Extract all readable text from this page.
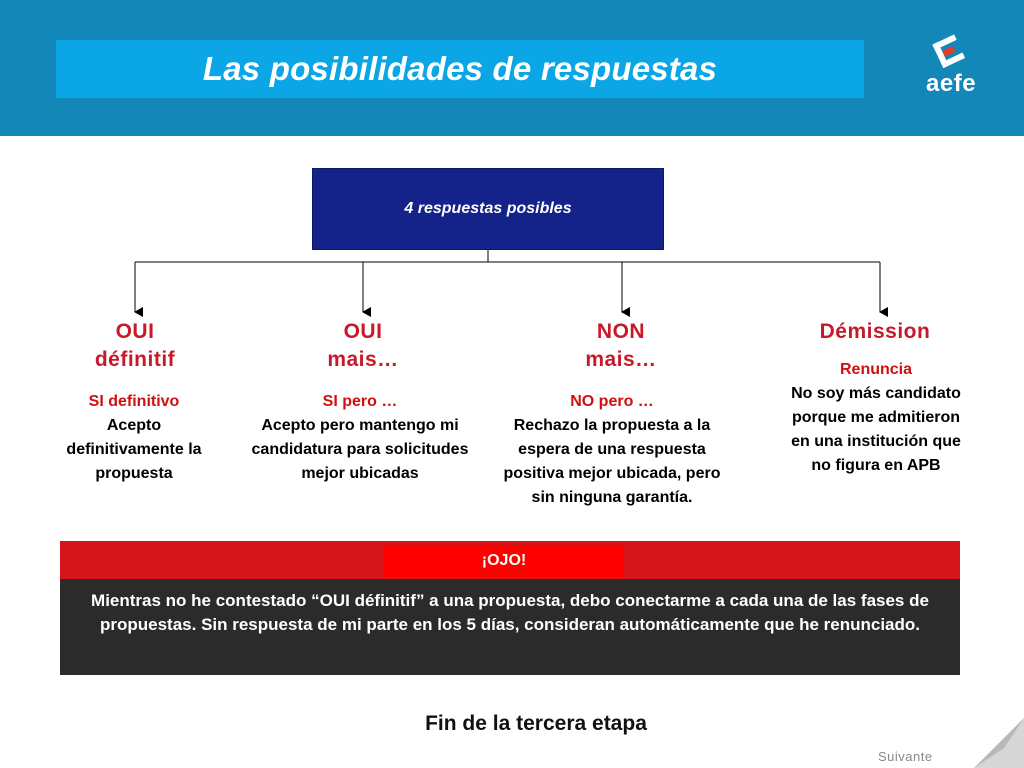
Las posibilidades de respuestas	aefe
4 respuestas posibles
OUI
définitif
SI definitivo
Acepto definitivamente la propuesta
OUI
mais…
SI pero …
Acepto pero mantengo mi candidatura para solicitudes mejor ubicadas
NON
mais…
NO pero …
Rechazo la propuesta a la espera de una respuesta positiva mejor ubicada, pero sin ninguna garantía.
Démission
Renuncia
No soy más candidato porque me admitieron en una institución que no figura en APB
¡OJO!
Mientras no he contestado “OUI définitif” a una propuesta, debo conectarme a cada una de las fases de propuestas. Sin respuesta de mi parte en los 5 días, consideran automáticamente que he renunciado.
Fin de la tercera etapa
Suivante
